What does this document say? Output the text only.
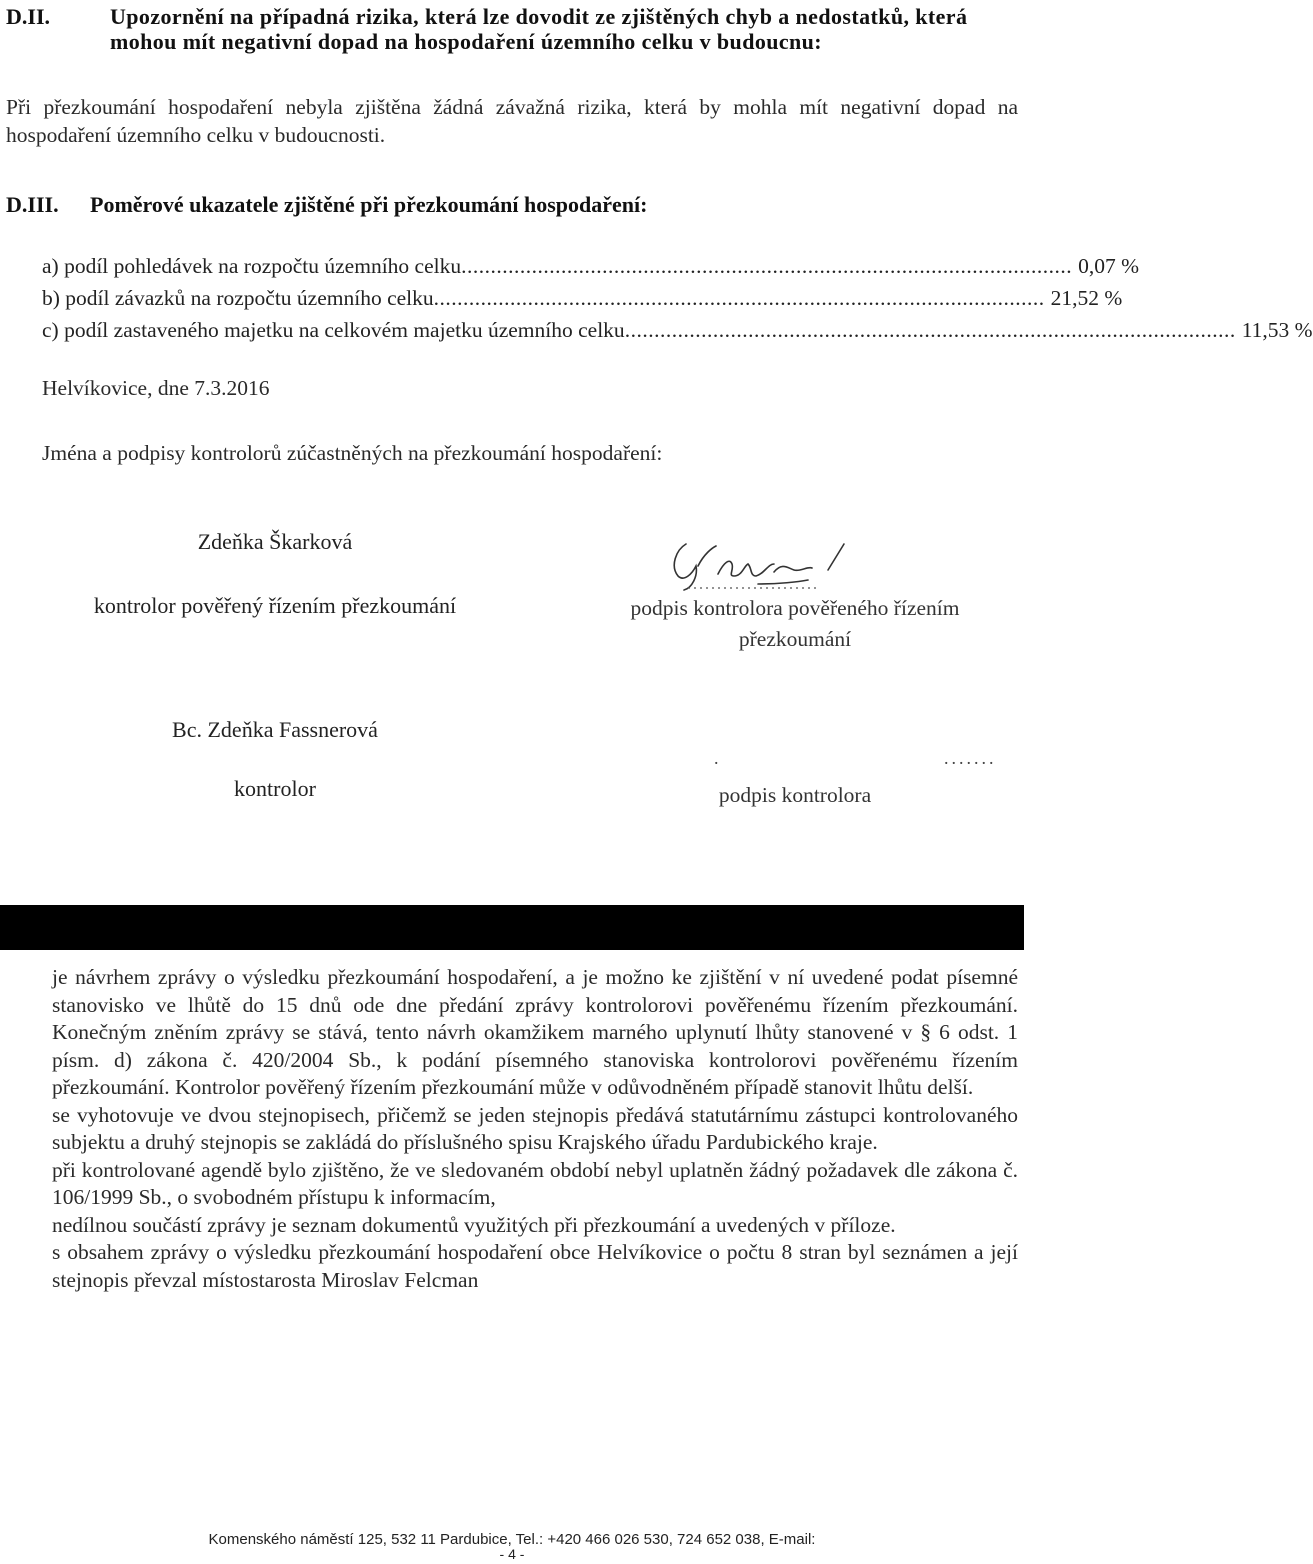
D.II.	Upozornění na případná rizika, která lze dovodit ze zjištěných chyb a nedostatků, která mohou mít negativní dopad na hospodaření územního celku v budoucnu:
Při přezkoumání hospodaření nebyla zjištěna žádná závažná rizika, která by mohla mít negativní dopad na hospodaření územního celku v budoucnosti.
D.III. Poměrové ukazatele zjištěné při přezkoumání hospodaření:
a) podíl pohledávek na rozpočtu územního celku ........................................................................................................ 0,07 %
b) podíl závazků na rozpočtu územního celku ........................................................................................................ 21,52 %
c) podíl zastaveného majetku na celkovém majetku územního celku ........................................................................................................ 11,53 %
Helvíkovice, dne 7.3.2016
Jména a podpisy kontrolorů zúčastněných na přezkoumání hospodaření:
Zdeňka Škarková
kontrolor pověřený řízením přezkoumání	podpis kontrolora pověřeného řízením
přezkoumání
Bc. Zdeňka Fassnerová
kontrolor
.	.......
podpis kontrolora
je návrhem zprávy o výsledku přezkoumání hospodaření, a je možno ke zjištění v ní uvedené podat písemné stanovisko ve lhůtě do 15 dnů ode dne předání zprávy kontrolorovi pověřenému řízením přezkoumání. Konečným zněním zprávy se stává, tento návrh okamžikem marného uplynutí lhůty stanovené v § 6 odst. 1 písm. d) zákona č. 420/2004 Sb., k podání písemného stanoviska kontrolorovi pověřenému řízením přezkoumání. Kontrolor pověřený řízením přezkoumání může v odůvodněném případě stanovit lhůtu delší.
se vyhotovuje ve dvou stejnopisech, přičemž se jeden stejnopis předává statutárnímu zástupci kontrolovaného subjektu a druhý stejnopis se zakládá do příslušného spisu Krajského úřadu Pardubického kraje.
při kontrolované agendě bylo zjištěno, že ve sledovaném období nebyl uplatněn žádný požadavek dle zákona č. 106/1999 Sb., o svobodném přístupu k informacím,
nedílnou součástí zprávy je seznam dokumentů využitých při přezkoumání a uvedených v příloze.
s obsahem zprávy o výsledku přezkoumání hospodaření obce Helvíkovice o počtu 8 stran byl seznámen a její stejnopis převzal místostarosta Miroslav Felcman
Komenského náměstí 125, 532 11 Pardubice, Tel.: +420 466 026 530, 724 652 038, E-mail:
- 4 -
